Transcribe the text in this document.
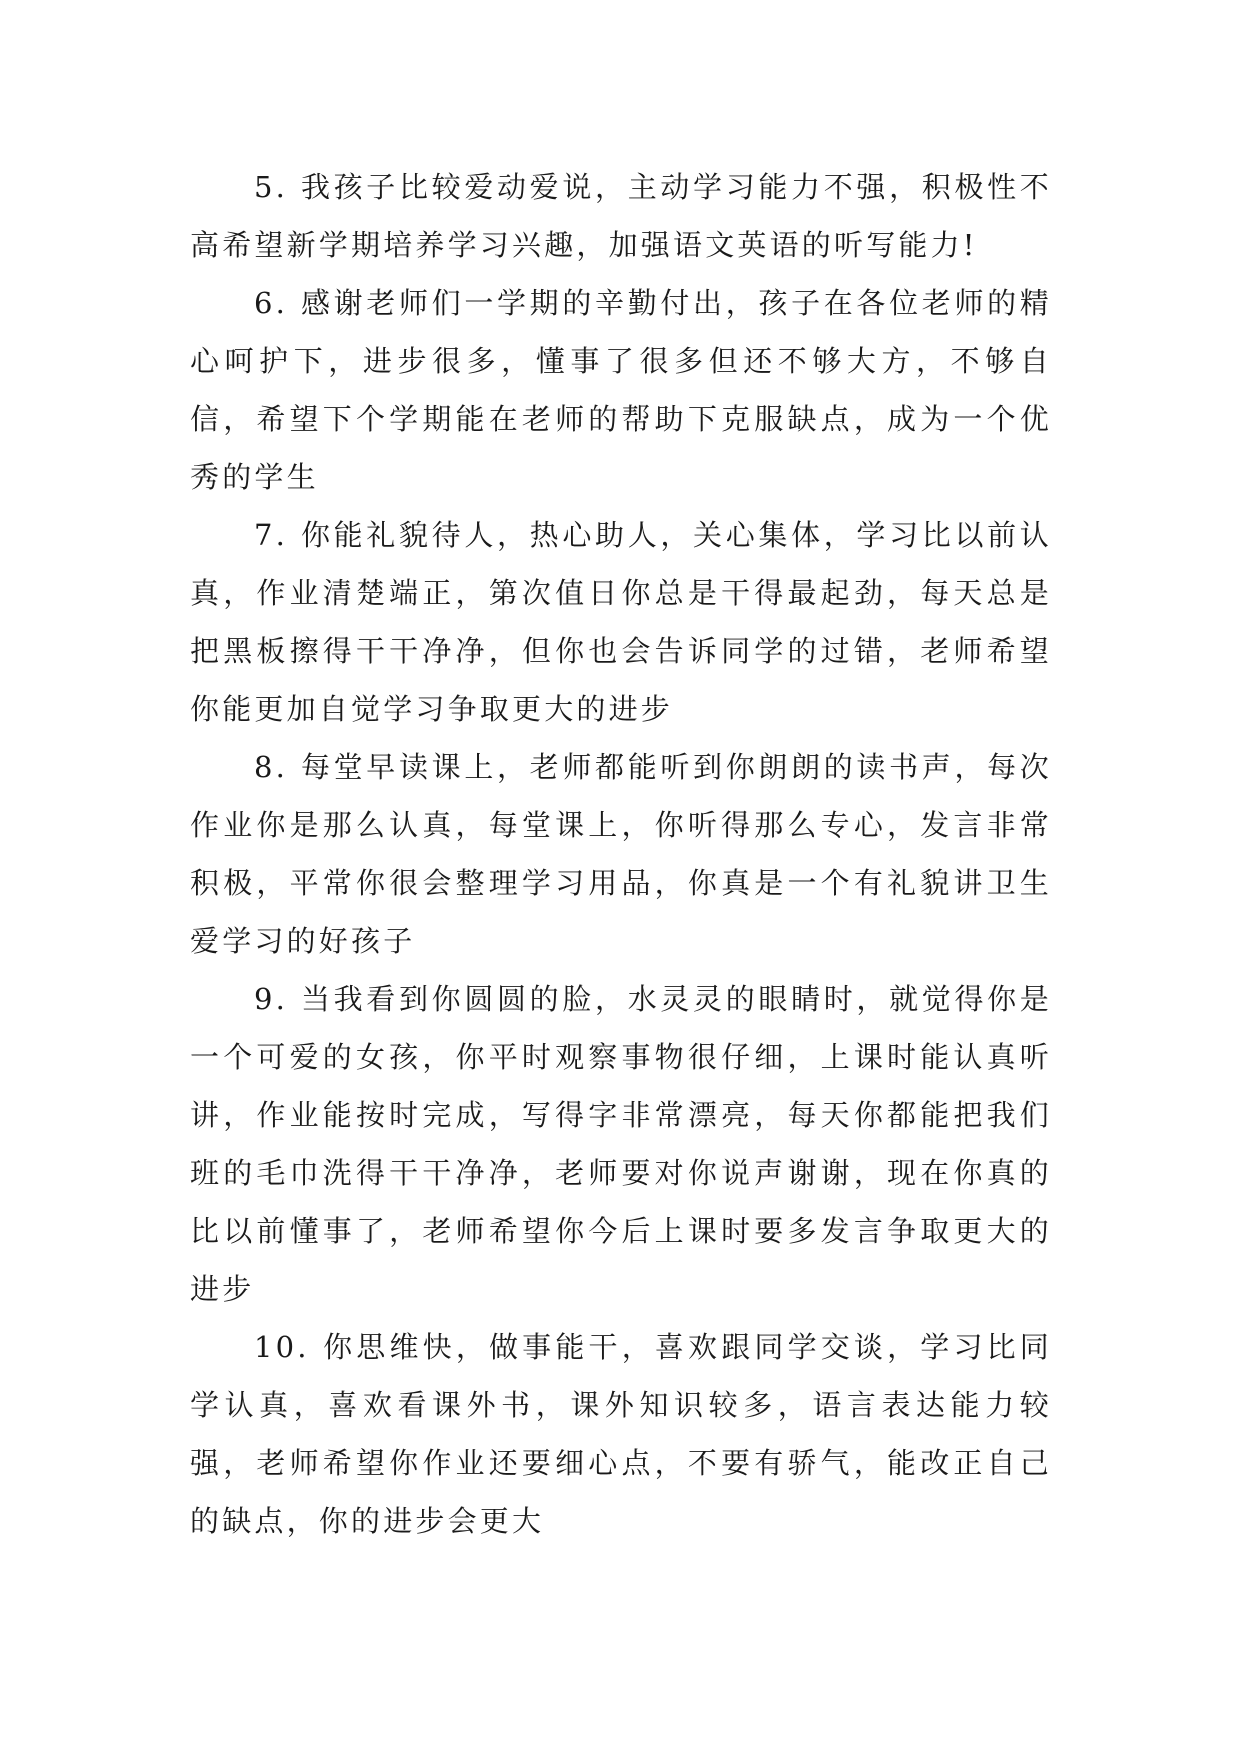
5. 我孩子比较爱动爱说，主动学习能力不强，积极性不高希望新学期培养学习兴趣，加强语文英语的听写能力!

6. 感谢老师们一学期的辛勤付出，孩子在各位老师的精心呵护下，进步很多，懂事了很多但还不够大方，不够自信，希望下个学期能在老师的帮助下克服缺点，成为一个优秀的学生

7. 你能礼貌待人，热心助人，关心集体，学习比以前认真，作业清楚端正，第次值日你总是干得最起劲，每天总是把黑板擦得干干净净，但你也会告诉同学的过错，老师希望你能更加自觉学习争取更大的进步

8. 每堂早读课上，老师都能听到你朗朗的读书声，每次作业你是那么认真，每堂课上，你听得那么专心，发言非常积极，平常你很会整理学习用品，你真是一个有礼貌讲卫生爱学习的好孩子

9. 当我看到你圆圆的脸，水灵灵的眼睛时，就觉得你是一个可爱的女孩，你平时观察事物很仔细，上课时能认真听讲，作业能按时完成，写得字非常漂亮，每天你都能把我们班的毛巾洗得干干净净，老师要对你说声谢谢，现在你真的比以前懂事了，老师希望你今后上课时要多发言争取更大的进步

10. 你思维快，做事能干，喜欢跟同学交谈，学习比同学认真，喜欢看课外书，课外知识较多，语言表达能力较强，老师希望你作业还要细心点，不要有骄气，能改正自己的缺点，你的进步会更大
